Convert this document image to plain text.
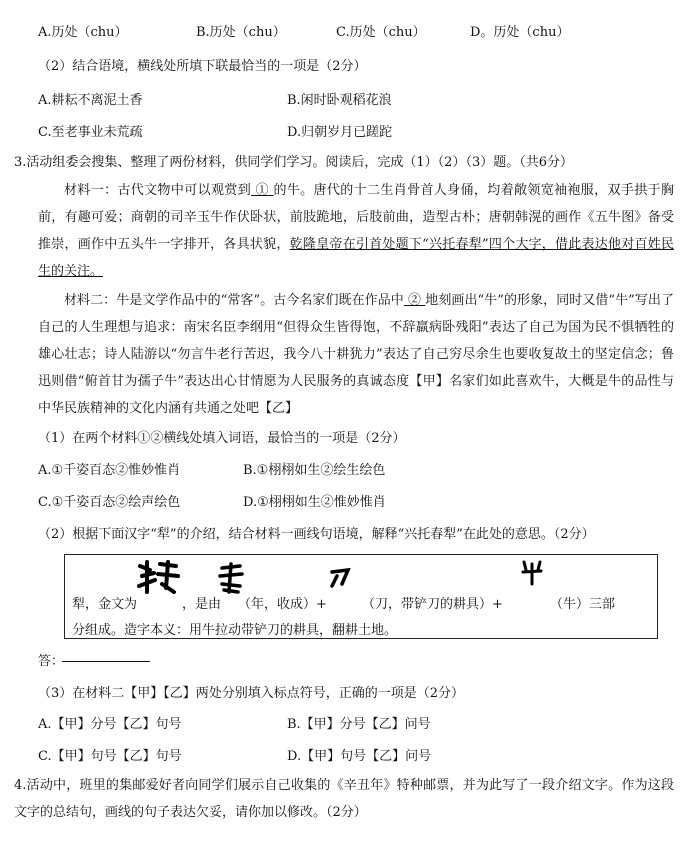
A.历处（chu）	B.历处（chu）	C.历处（chu）	D。历处（chu）
（2）结合语境，横线处所填下联最恰当的一项是（2分）
A.耕耘不离泥土香	B.闲时卧观稻花浪
C.至老事业未荒疏	D.归朝岁月已蹉跎
3.活动组委会搜集、整理了两份材料，供同学们学习。阅读后，完成（1）（2）（3）题。（共6分）
材料一：古代文物中可以观赏到 ① 的牛。唐代的十二生肖骨首人身俑，均着敞领宽袖袍服，双手拱于胸前，有趣可爱；商朝的司辛玉牛作伏卧状，前肢跪地，后肢前曲，造型古朴；唐朝韩滉的画作《五牛图》备受推崇，画作中五头牛一字排开，各具状貌，乾隆皇帝在引首处题下“兴托春犁”四个大字，借此表达他对百姓民生的关注。
材料二：牛是文学作品中的“常客”。古今名家们既在作品中 ② 地刻画出“牛”的形象，同时又借“牛”写出了自己的人生理想与追求：南宋名臣李纲用“但得众生皆得饱，不辞羸病卧残阳”表达了自己为国为民不惧牺牲的雄心壮志；诗人陆游以“勿言牛老行苦迟，我今八十耕犹力”表达了自己穷尽余生也要收复故土的坚定信念；鲁迅则借“俯首甘为孺子牛”表达出心甘情愿为人民服务的真诚态度【甲】名家们如此喜欢牛，大概是牛的品性与中华民族精神的文化内涵有共通之处吧【乙】
（1）在两个材料①②横线处填入词语，最恰当的一项是（2分）
A.①千姿百态②惟妙惟肖	B.①栩栩如生②绘生绘色
C.①千姿百态②绘声绘色	D.①栩栩如生②惟妙惟肖
（2）根据下面汉字“犁”的介绍，结合材料一画线句语境，解释“兴托春犁”在此处的意思。（2分）
犁，金文为	，是由 （年，收成）+	（刀，带铲刀的耕具）+	（牛）三部
分组成。造字本义：用牛拉动带铲刀的耕具，翻耕土地。
答：
（3）在材料二【甲】【乙】两处分别填入标点符号，正确的一项是（2分）
A.【甲】分号【乙】句号	B.【甲】分号【乙】问号
C.【甲】句号【乙】句号	D.【甲】句号【乙】问号
4.活动中，班里的集邮爱好者向同学们展示自己收集的《辛丑年》特种邮票，并为此写了一段介绍文字。作为这段文字的总结句，画线的句子表达欠妥，请你加以修改。（2分）
